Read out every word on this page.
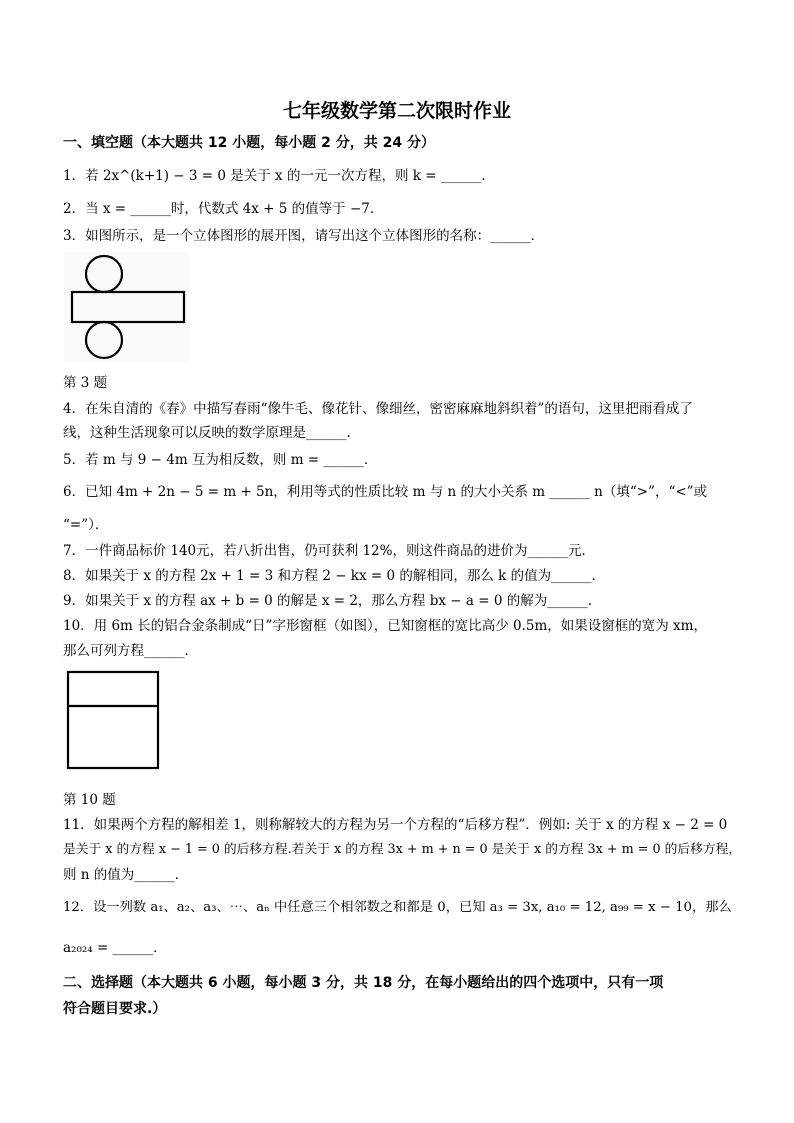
七年级数学第二次限时作业
一、填空题（本大题共 12 小题，每小题 2 分，共 24 分）
1．若 2x^(k+1) − 3 = 0 是关于 x 的一元一次方程，则 k = ______．
2．当 x = ______时，代数式 4x + 5 的值等于 −7．
3．如图所示，是一个立体图形的展开图，请写出这个立体图形的名称：______．
第 3 题
4．在朱自清的《春》中描写春雨“像牛毛、像花针、像细丝，密密麻麻地斜织着”的语句，这里把雨看成了
线，这种生活现象可以反映的数学原理是______．
5．若 m 与 9 − 4m 互为相反数，则 m = ______．
6．已知 4m + 2n − 5 = m + 5n，利用等式的性质比较 m 与 n 的大小关系 m ______ n（填“>”，“<”或
“=”）．
7．一件商品标价 140元，若八折出售，仍可获利 12%，则这件商品的进价为______元．
8．如果关于 x 的方程 2x + 1 = 3 和方程 2 − kx = 0 的解相同，那么 k 的值为______．
9．如果关于 x 的方程 ax + b = 0 的解是 x = 2，那么方程 bx − a = 0 的解为______．
10．用 6m 长的铝合金条制成“日”字形窗框（如图），已知窗框的宽比高少 0.5m，如果设窗框的宽为 xm，
那么可列方程______．
第 10 题
11．如果两个方程的解相差 1，则称解较大的方程为另一个方程的“后移方程”．例如: 关于 x 的方程 x − 2 = 0
是关于 x 的方程 x − 1 = 0 的后移方程.若关于 x 的方程 3x + m + n = 0 是关于 x 的方程 3x + m = 0 的后移方程，
则 n 的值为______．
12．设一列数 a₁、a₂、a₃、⋯、aₙ 中任意三个相邻数之和都是 0，已知 a₃ = 3x, a₁₀ = 12, a₉₉ = x − 10，那么
a₂₀₂₄ = ______．
二、选择题（本大题共 6 小题，每小题 3 分，共 18 分，在每小题给出的四个选项中，只有一项
符合题目要求.）
